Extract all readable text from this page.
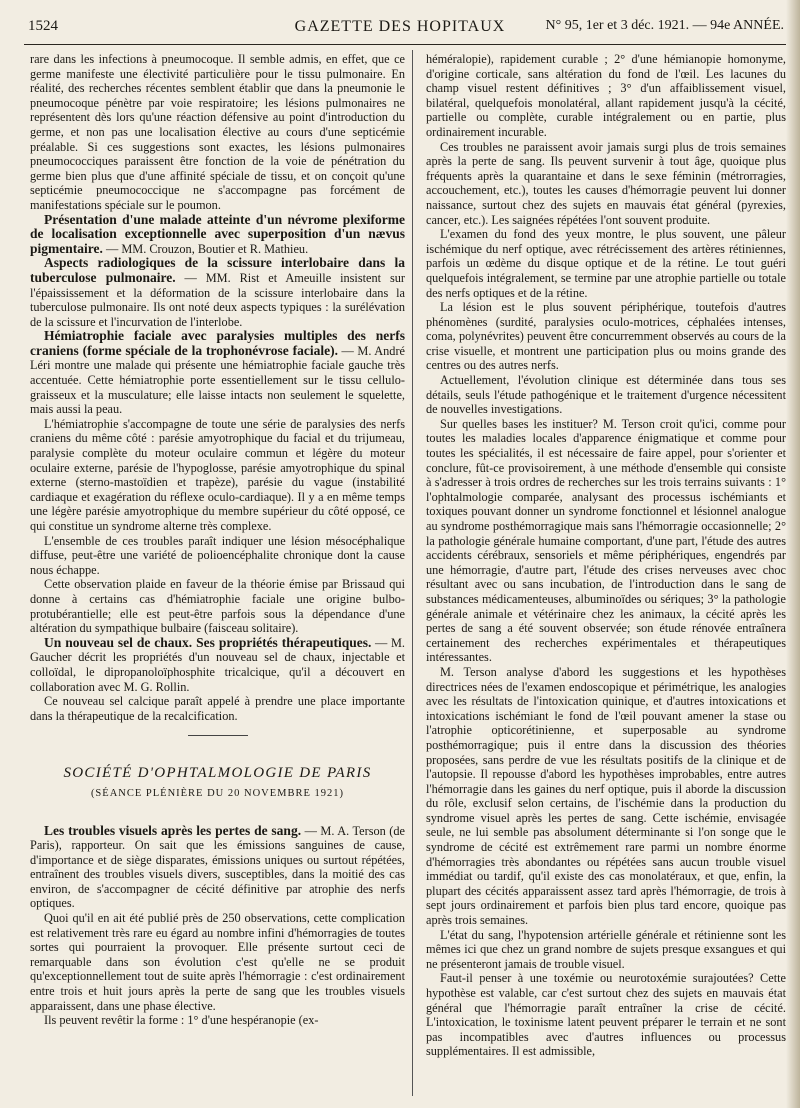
1524	GAZETTE DES HOPITAUX	N° 95, 1er et 3 déc. 1921. — 94e ANNÉE.

rare dans les infections à pneumocoque. Il semble admis, en effet, que ce germe manifeste une électivité particulière pour le tissu pulmonaire. En réalité, des recherches récentes semblent établir que dans la pneumonie le pneumocoque pénètre par voie respiratoire; les lésions pulmonaires ne représentent dès lors qu'une réaction défensive au point d'introduction du germe, et non pas une localisation élective au cours d'une septicémie préalable. Si ces suggestions sont exactes, les lésions pulmonaires pneumococciques paraissent être fonction de la voie de pénétration du germe bien plus que d'une affinité spéciale de tissu, et on conçoit qu'une septicémie pneumococcique ne s'accompagne pas forcément de manifestations spéciale sur le poumon.

Présentation d'une malade atteinte d'un névrome plexiforme de localisation exceptionnelle avec superposition d'un nævus pigmentaire. — MM. Crouzon, Boutier et R. Mathieu.

Aspects radiologiques de la scissure interlobaire dans la tuberculose pulmonaire. — MM. Rist et Ameuille insistent sur l'épaississement et la déformation de la scissure interlobaire dans la tuberculose pulmonaire. Ils ont noté deux aspects typiques : la surélévation de la scissure et l'incurvation de l'interlobe.

Hémiatrophie faciale avec paralysies multiples des nerfs craniens (forme spéciale de la trophonévrose faciale). — M. André Léri montre une malade qui présente une hémiatrophie faciale gauche très accentuée. Cette hémiatrophie porte essentiellement sur le tissu cellulo-graisseux et la musculature; elle laisse intacts non seulement le squelette, mais aussi la peau.

L'hémiatrophie s'accompagne de toute une série de paralysies des nerfs craniens du même côté : parésie amyotrophique du facial et du trijumeau, paralysie complète du moteur oculaire commun et légère du moteur oculaire externe, parésie de l'hypoglosse, parésie amyotrophique du spinal externe (sterno-mastoïdien et trapèze), parésie du vague (instabilité cardiaque et exagération du réflexe oculo-cardiaque). Il y a en même temps une légère parésie amyotrophique du membre supérieur du côté opposé, ce qui constitue un syndrome alterne très complexe.

L'ensemble de ces troubles paraît indiquer une lésion mésocéphalique diffuse, peut-être une variété de polioencéphalite chronique dont la cause nous échappe.

Cette observation plaide en faveur de la théorie émise par Brissaud qui donne à certains cas d'hémiatrophie faciale une origine bulbo-protubérantielle; elle est peut-être parfois sous la dépendance d'une altération du sympathique bulbaire (faisceau solitaire).

Un nouveau sel de chaux. Ses propriétés thérapeutiques. — M. Gaucher décrit les propriétés d'un nouveau sel de chaux, injectable et colloïdal, le dipropanoloïphosphite tricalcique, qu'il a découvert en collaboration avec M. G. Rollin.

Ce nouveau sel calcique paraît appelé à prendre une place importante dans la thérapeutique de la recalcification.

SOCIÉTÉ D'OPHTALMOLOGIE DE PARIS
(SÉANCE PLÉNIÈRE DU 20 NOVEMBRE 1921)

Les troubles visuels après les pertes de sang. — M. A. Terson (de Paris), rapporteur. On sait que les émissions sanguines de cause, d'importance et de siège disparates, émissions uniques ou surtout répétées, entraînent des troubles visuels divers, susceptibles, dans la moitié des cas environ, de s'accompagner de cécité définitive par atrophie des nerfs optiques.

Quoi qu'il en ait été publié près de 250 observations, cette complication est relativement très rare eu égard au nombre infini d'hémorragies de toutes sortes qui pourraient la provoquer. Elle présente surtout ceci de remarquable dans son évolution c'est qu'elle ne se produit qu'exceptionnellement tout de suite après l'hémorragie : c'est ordinairement entre trois et huit jours après la perte de sang que les troubles visuels apparaissent, dans une phase élective.

Ils peuvent revêtir la forme : 1° d'une hespéranopie (ex-

héméralopie), rapidement curable ; 2° d'une hémianopie homonyme, d'origine corticale, sans altération du fond de l'œil. Les lacunes du champ visuel restent définitives ; 3° d'un affaiblissement visuel, bilatéral, quelquefois monolatéral, allant rapidement jusqu'à la cécité, partielle ou complète, curable intégralement ou en partie, plus ordinairement incurable.

Ces troubles ne paraissent avoir jamais surgi plus de trois semaines après la perte de sang. Ils peuvent survenir à tout âge, quoique plus fréquents après la quarantaine et dans le sexe féminin (métrorragies, accouchement, etc.), toutes les causes d'hémorragie peuvent lui donner naissance, surtout chez des sujets en mauvais état général (pyrexies, cancer, etc.). Les saignées répétées l'ont souvent produite.

L'examen du fond des yeux montre, le plus souvent, une pâleur ischémique du nerf optique, avec rétrécissement des artères rétiniennes, parfois un œdème du disque optique et de la rétine. Le tout guéri quelquefois intégralement, se termine par une atrophie partielle ou totale des nerfs optiques et de la rétine.

La lésion est le plus souvent périphérique, toutefois d'autres phénomènes (surdité, paralysies oculo-motrices, céphalées intenses, coma, polynévrites) peuvent être concurremment observés au cours de la crise visuelle, et montrent une participation plus ou moins grande des centres ou des autres nerfs.

Actuellement, l'évolution clinique est déterminée dans tous ses détails, seuls l'étude pathogénique et le traitement d'urgence nécessitent de nouvelles investigations.

Sur quelles bases les instituer? M. Terson croit qu'ici, comme pour toutes les maladies locales d'apparence énigmatique et comme pour toutes les spécialités, il est nécessaire de faire appel, pour s'orienter et conclure, fût-ce provisoirement, à une méthode d'ensemble qui consiste à s'adresser à trois ordres de recherches sur les trois terrains suivants : 1° l'ophtalmologie comparée, analysant des processus ischémiants et toxiques pouvant donner un syndrome fonctionnel et lésionnel analogue au syndrome posthémorragique mais sans l'hémorragie occasionnelle; 2° la pathologie générale humaine comportant, d'une part, l'étude des autres accidents cérébraux, sensoriels et même périphériques, engendrés par une hémorragie, d'autre part, l'étude des crises nerveuses avec choc résultant avec ou sans incubation, de l'introduction dans le sang de substances médicamenteuses, albuminoïdes ou sériques; 3° la pathologie générale animale et vétérinaire chez les animaux, la cécité après les pertes de sang a été souvent observée; son étude rénovée entraînera certainement des recherches expérimentales et thérapeutiques intéressantes.

M. Terson analyse d'abord les suggestions et les hypothèses directrices nées de l'examen endoscopique et périmétrique, les analogies avec les résultats de l'intoxication quinique, et d'autres intoxications et intoxications ischémiant le fond de l'œil pouvant amener la stase ou l'atrophie opticorétinienne, et superposable au syndrome posthémorragique; puis il entre dans la discussion des théories proposées, sans perdre de vue les résultats positifs de la clinique et de l'autopsie. Il repousse d'abord les hypothèses improbables, entre autres l'hémorragie dans les gaines du nerf optique, puis il aborde la discussion du rôle, exclusif selon certains, de l'ischémie dans la production du syndrome visuel après les pertes de sang. Cette ischémie, envisagée seule, ne lui semble pas absolument déterminante si l'on songe que le syndrome de cécité est extrêmement rare parmi un nombre énorme d'hémorragies très abondantes ou répétées sans aucun trouble visuel immédiat ou tardif, qu'il existe des cas monolatéraux, et que, enfin, la plupart des cécités apparaissent assez tard après l'hémorragie, de trois à sept jours ordinairement et parfois bien plus tard encore, quoique pas après trois semaines.

L'état du sang, l'hypotension artérielle générale et rétinienne sont les mêmes ici que chez un grand nombre de sujets presque exsangues et qui ne présenteront jamais de trouble visuel.

Faut-il penser à une toxémie ou neurotoxémie surajoutées? Cette hypothèse est valable, car c'est surtout chez des sujets en mauvais état général que l'hémorragie paraît entraîner la crise de cécité. L'intoxication, le toxinisme latent peuvent préparer le terrain et ne sont pas incompatibles avec d'autres influences ou processus supplémentaires. Il est admissible,
